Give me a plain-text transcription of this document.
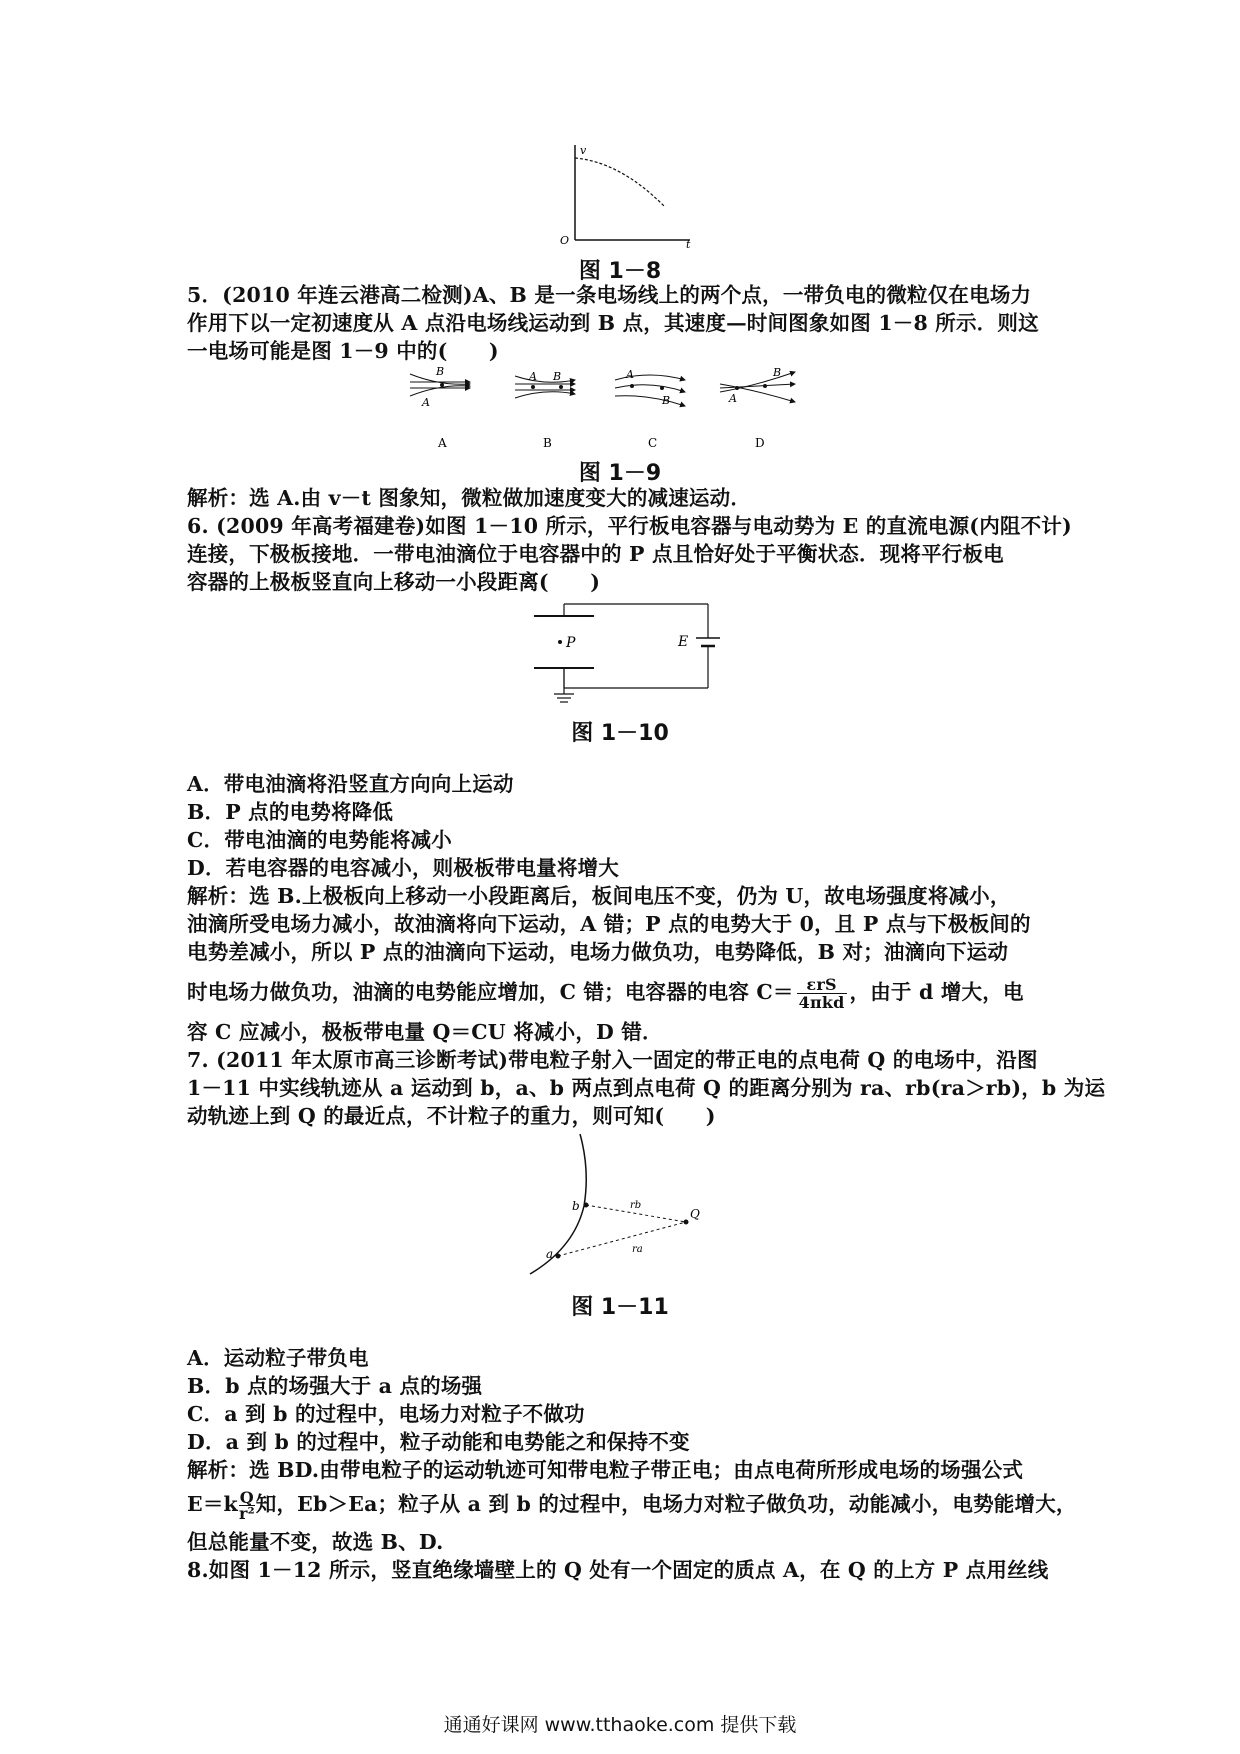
v
O	t
图 1－8
5．(2010 年连云港高二检测)A、B 是一条电场线上的两个点，一带负电的微粒仅在电场力
作用下以一定初速度从 A 点沿电场线运动到 B 点，其速度—时间图象如图 1－8 所示．则这
一电场可能是图 1－9 中的(　　)
B
A
A
A B
B
A
B
C
A
B
D
图 1－9
解析：选 A.由 v－t 图象知，微粒做加速度变大的减速运动．
6. (2009 年高考福建卷)如图 1－10 所示，平行板电容器与电动势为 E 的直流电源(内阻不计)
连接，下极板接地．一带电油滴位于电容器中的 P 点且恰好处于平衡状态．现将平行板电
容器的上极板竖直向上移动一小段距离(　　)
P	E
图 1－10
A．带电油滴将沿竖直方向向上运动
B．P 点的电势将降低
C．带电油滴的电势能将减小
D．若电容器的电容减小，则极板带电量将增大
解析：选 B.上极板向上移动一小段距离后，板间电压不变，仍为 U，故电场强度将减小，
油滴所受电场力减小，故油滴将向下运动，A 错；P 点的电势大于 0，且 P 点与下极板间的
电势差减小，所以 P 点的油滴向下运动，电场力做负功，电势降低，B 对；油滴向下运动
时电场力做负功，油滴的电势能应增加，C 错；电容器的电容 $C= \frac{\text{εrS}}{\text{4πkd}}$ ，由于 d 增大，电
容 C 应减小，极板带电量 Q＝CU 将减小，D 错．
7. (2011 年太原市高三诊断考试)带电粒子射入一固定的带正电的点电荷 Q 的电场中，沿图
1－11 中实线轨迹从 a 运动到 b，a、b 两点到点电荷 Q 的距离分别为 ra、rb(ra＞rb)，b 为运
动轨迹上到 Q 的最近点，不计粒子的重力，则可知(　　)
b
a
Q
rb
ra
图 1－11
A．运动粒子带负电
B．b 点的场强大于 a 点的场强
C．a 到 b 的过程中，电场力对粒子不做功
D．a 到 b 的过程中，粒子动能和电势能之和保持不变
解析：选 BD.由带电粒子的运动轨迹可知带电粒子带正电；由点电荷所形成电场的场强公式
$E=k \frac{Q}{\text{r²}}$ 知，Eb＞Ea；粒子从 a 到 b 的过程中，电场力对粒子做负功，动能减小，电势能增大，
但总能量不变，故选 B、D.
8.如图 1－12 所示，竖直绝缘墙壁上的 Q 处有一个固定的质点 A，在 Q 的上方 P 点用丝线
通通好课网 www.tthaoke.com 提供下载
